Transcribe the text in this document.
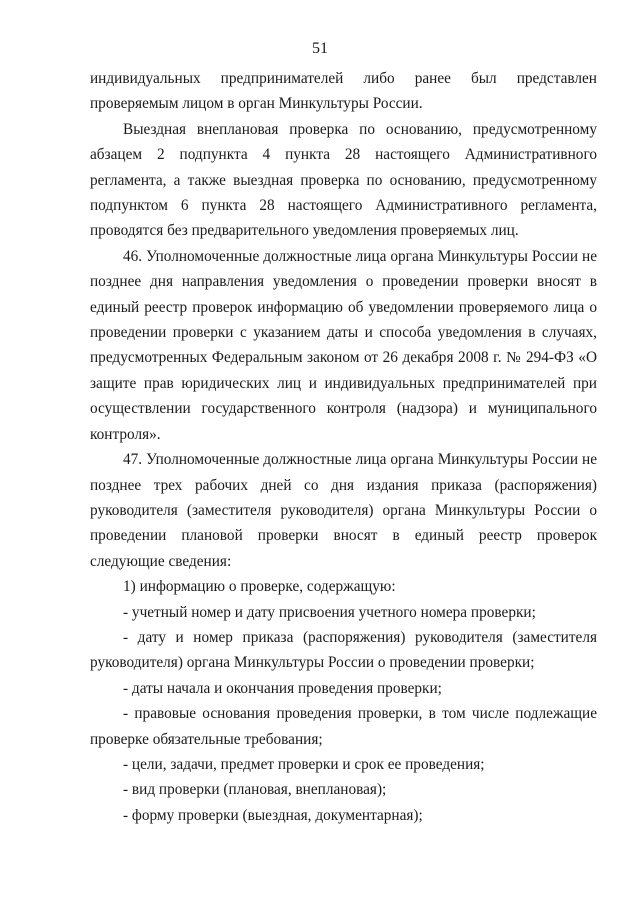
51

индивидуальных предпринимателей либо ранее был представлен проверяемым лицом в орган Минкультуры России.

Выездная внеплановая проверка по основанию, предусмотренному абзацем 2 подпункта 4 пункта 28 настоящего Административного регламента, а также выездная проверка по основанию, предусмотренному подпунктом 6 пункта 28 настоящего Административного регламента, проводятся без предварительного уведомления проверяемых лиц.

46. Уполномоченные должностные лица органа Минкультуры России не позднее дня направления уведомления о проведении проверки вносят в единый реестр проверок информацию об уведомлении проверяемого лица о проведении проверки с указанием даты и способа уведомления в случаях, предусмотренных Федеральным законом от 26 декабря 2008 г. № 294-ФЗ «О защите прав юридических лиц и индивидуальных предпринимателей при осуществлении государственного контроля (надзора) и муниципального контроля».

47. Уполномоченные должностные лица органа Минкультуры России не позднее трех рабочих дней со дня издания приказа (распоряжения) руководителя (заместителя руководителя) органа Минкультуры России о проведении плановой проверки вносят в единый реестр проверок следующие сведения:

1) информацию о проверке, содержащую:

- учетный номер и дату присвоения учетного номера проверки;

- дату и номер приказа (распоряжения) руководителя (заместителя руководителя) органа Минкультуры России о проведении проверки;

- даты начала и окончания проведения проверки;

- правовые основания проведения проверки, в том числе подлежащие проверке обязательные требования;

- цели, задачи, предмет проверки и срок ее проведения;

- вид проверки (плановая, внеплановая);

- форму проверки (выездная, документарная);
